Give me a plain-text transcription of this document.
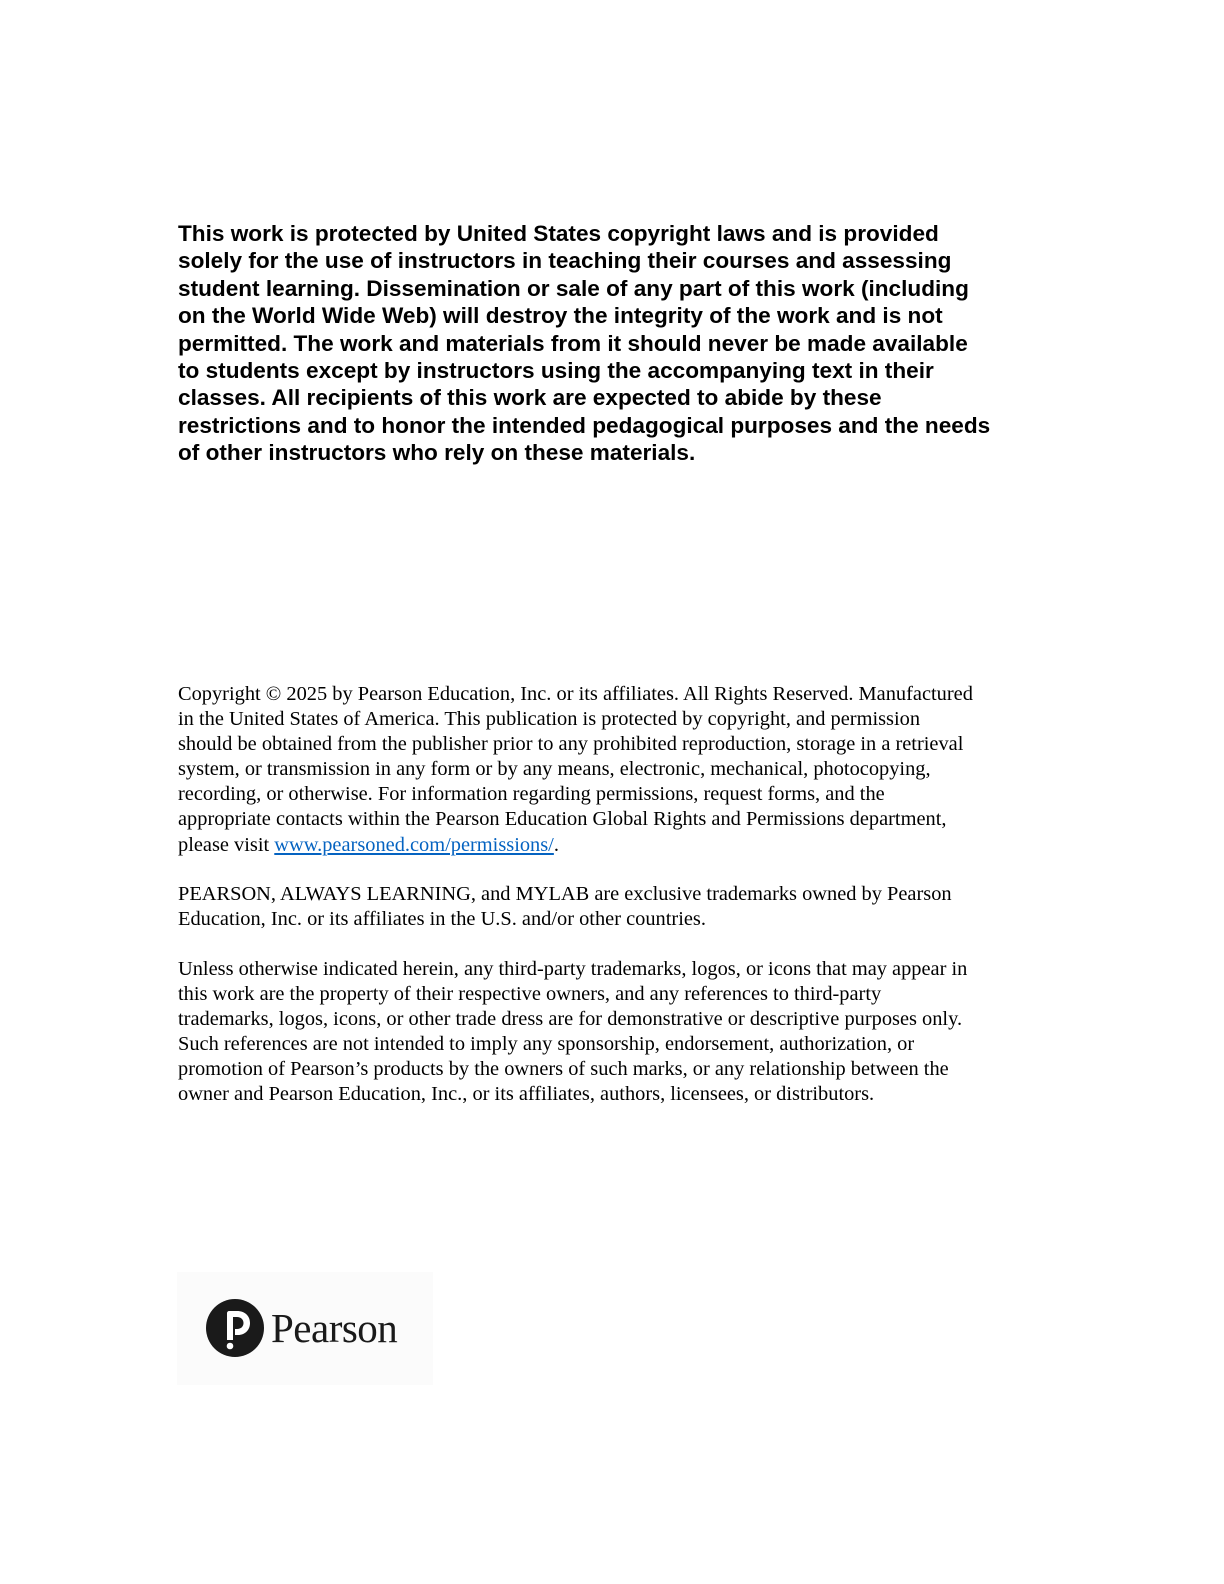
This work is protected by United States copyright laws and is provided
solely for the use of instructors in teaching their courses and assessing
student learning. Dissemination or sale of any part of this work (including
on the World Wide Web) will destroy the integrity of the work and is not
permitted. The work and materials from it should never be made available
to students except by instructors using the accompanying text in their
classes. All recipients of this work are expected to abide by these
restrictions and to honor the intended pedagogical purposes and the needs
of other instructors who rely on these materials.

Copyright © 2025 by Pearson Education, Inc. or its affiliates. All Rights Reserved. Manufactured
in the United States of America. This publication is protected by copyright, and permission
should be obtained from the publisher prior to any prohibited reproduction, storage in a retrieval
system, or transmission in any form or by any means, electronic, mechanical, photocopying,
recording, or otherwise. For information regarding permissions, request forms, and the
appropriate contacts within the Pearson Education Global Rights and Permissions department,
please visit www.pearsoned.com/permissions/.

PEARSON, ALWAYS LEARNING, and MYLAB are exclusive trademarks owned by Pearson
Education, Inc. or its affiliates in the U.S. and/or other countries.

Unless otherwise indicated herein, any third-party trademarks, logos, or icons that may appear in
this work are the property of their respective owners, and any references to third-party
trademarks, logos, icons, or other trade dress are for demonstrative or descriptive purposes only.
Such references are not intended to imply any sponsorship, endorsement, authorization, or
promotion of Pearson’s products by the owners of such marks, or any relationship between the
owner and Pearson Education, Inc., or its affiliates, authors, licensees, or distributors.

Pearson
